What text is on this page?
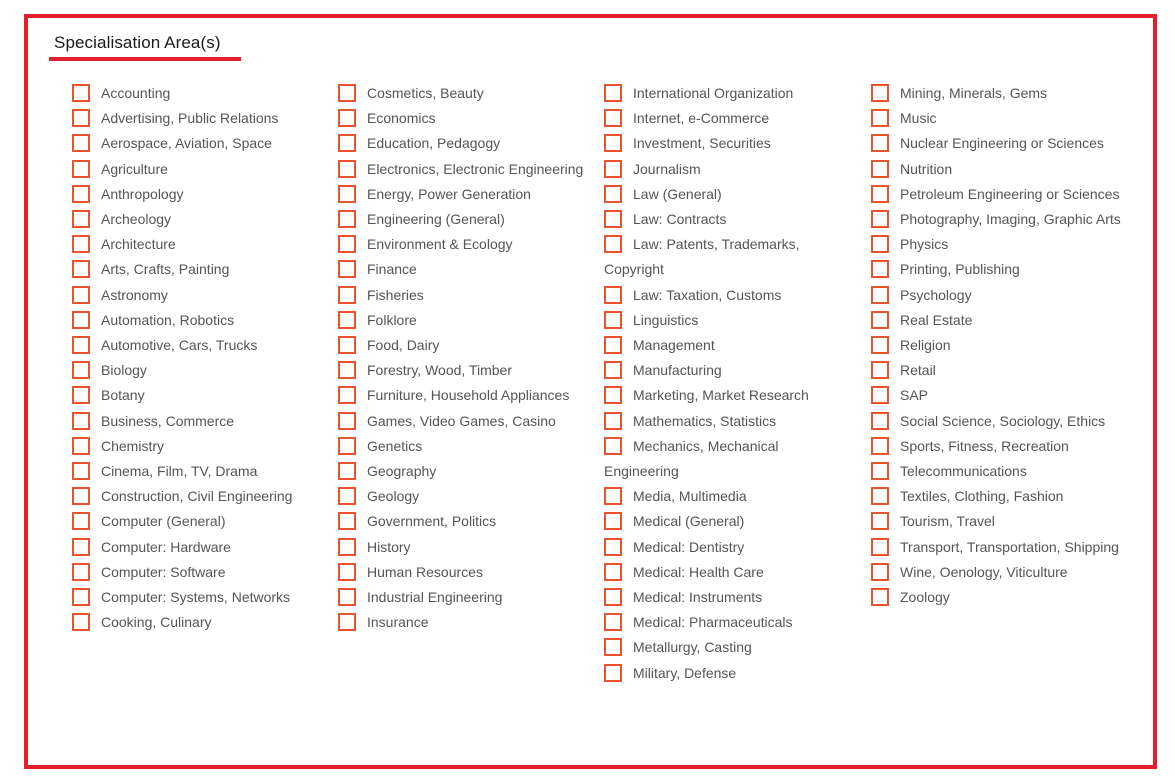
Specialisation Area(s)
Accounting
Advertising, Public Relations
Aerospace, Aviation, Space
Agriculture
Anthropology
Archeology
Architecture
Arts, Crafts, Painting
Astronomy
Automation, Robotics
Automotive, Cars, Trucks
Biology
Botany
Business, Commerce
Chemistry
Cinema, Film, TV, Drama
Construction, Civil Engineering
Computer (General)
Computer: Hardware
Computer: Software
Computer: Systems, Networks
Cooking, Culinary
Cosmetics, Beauty
Economics
Education, Pedagogy
Electronics, Electronic Engineering
Energy, Power Generation
Engineering (General)
Environment & Ecology
Finance
Fisheries
Folklore
Food, Dairy
Forestry, Wood, Timber
Furniture, Household Appliances
Games, Video Games, Casino
Genetics
Geography
Geology
Government, Politics
History
Human Resources
Industrial Engineering
Insurance
International Organization
Internet, e-Commerce
Investment, Securities
Journalism
Law (General)
Law: Contracts
Law: Patents, Trademarks, Copyright
Law: Taxation, Customs
Linguistics
Management
Manufacturing
Marketing, Market Research
Mathematics, Statistics
Mechanics, Mechanical Engineering
Media, Multimedia
Medical (General)
Medical: Dentistry
Medical: Health Care
Medical: Instruments
Medical: Pharmaceuticals
Metallurgy, Casting
Military, Defense
Mining, Minerals, Gems
Music
Nuclear Engineering or Sciences
Nutrition
Petroleum Engineering or Sciences
Photography, Imaging, Graphic Arts
Physics
Printing, Publishing
Psychology
Real Estate
Religion
Retail
SAP
Social Science, Sociology, Ethics
Sports, Fitness, Recreation
Telecommunications
Textiles, Clothing, Fashion
Tourism, Travel
Transport, Transportation, Shipping
Wine, Oenology, Viticulture
Zoology
